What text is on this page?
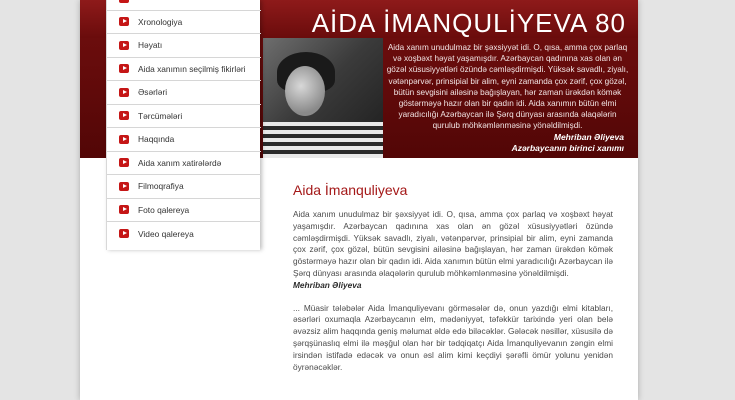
AİDA İMANQULİYEVA 80
Aida xanım unudulmaz bir şəxsiyyət idi. O, qısa, amma çox parlaq və xoşbəxt həyat yaşamışdır. Azərbaycan qadınına xas olan ən gözəl xüsusiyyətləri özündə cəmləşdirmişdi. Yüksək savadlı, ziyalı, vətənpərvər, prinsipial bir alim, eyni zamanda çox zərif, çox gözəl, bütün sevgisini ailəsinə bağışlayan, hər zaman ürəkdən kömək göstərməyə hazır olan bir qadın idi. Aida xanımın bütün elmi yaradıcılığı Azərbaycan ilə Şərq dünyası arasında əlaqələrin qurulub möhkəmlənməsinə yönəldilmişdi.
Mehriban Əliyeva
Azərbaycanın birinci xanımı
Xronologiya
Həyatı
Aida xanımın seçilmiş fikirləri
Əsərləri
Tərcümələri
Haqqında
Aida xanım xatirələrdə
Filmoqrafiya
Foto qalereya
Video qalereya
Aida İmanquliyeva

Aida xanım unudulmaz bir şəxsiyyət idi. O, qısa, amma çox parlaq və xoşbəxt həyat yaşamışdır. Azərbaycan qadınına xas olan ən gözəl xüsusiyyətləri özündə cəmləşdirmişdi. Yüksək savadlı, ziyalı, vətənpərvər, prinsipial bir alim, eyni zamanda çox zərif, çox gözəl, bütün sevgisini ailəsinə bağışlayan, hər zaman ürəkdən kömək göstərməyə hazır olan bir qadın idi. Aida xanımın bütün elmi yaradıcılığı Azərbaycan ilə Şərq dünyası arasında əlaqələrin qurulub möhkəmlənməsinə yönəldilmişdi.

Mehriban Əliyeva

... Müasir tələbələr Aida İmanquliyevanı görməsələr də, onun yazdığı elmi kitabları, əsərləri oxumaqla Azərbaycanın elm, mədəniyyət, təfəkkür tarixində yeri olan belə əvəzsiz alim haqqında geniş məlumat əldə edə biləcəklər. Gələcək nəsillər, xüsusilə də şərqşünaslıq elmi ilə məşğul olan hər bir tədqiqatçı Aida İmanquliyevanın zəngin elmi irsindən istifadə edəcək və onun əsl alim kimi keçdiyi şərəfli ömür yolunu yenidən öyrənəcəklər.
